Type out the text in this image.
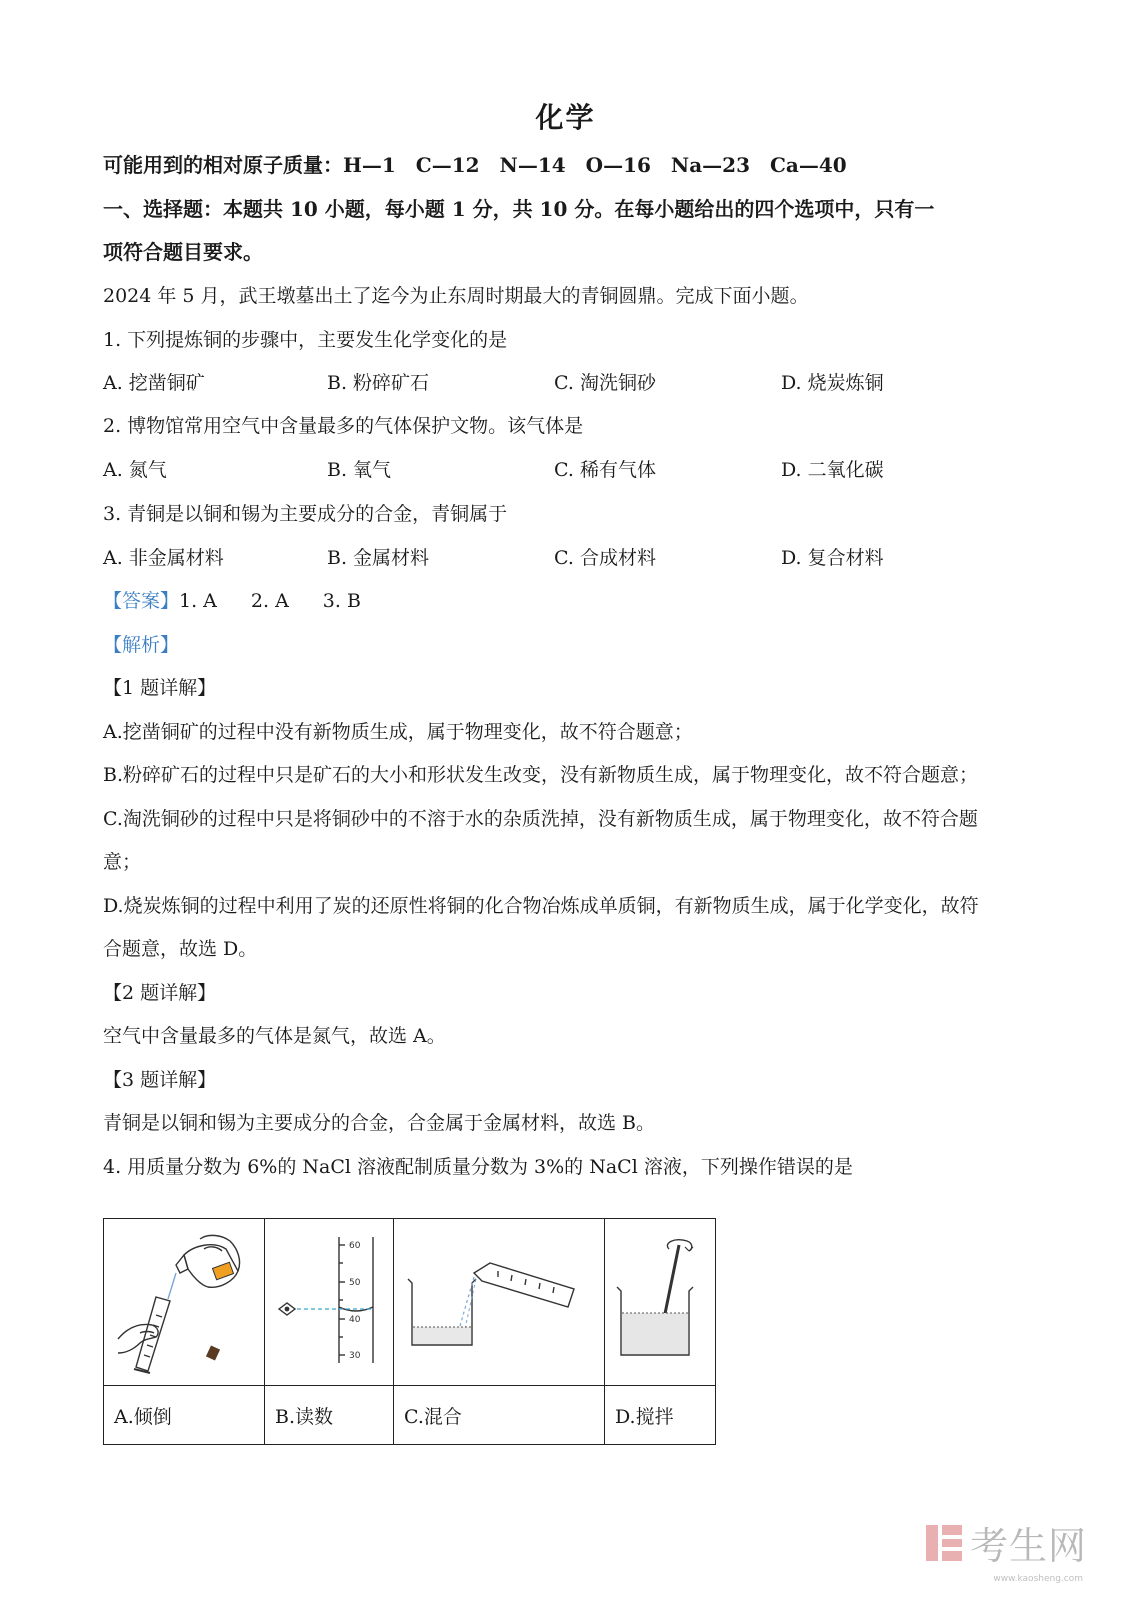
化学
可能用到的相对原子质量：H—1　C—12　N—14　O—16　Na—23　Ca—40
一、选择题：本题共 10 小题，每小题 1 分，共 10 分。在每小题给出的四个选项中，只有一
项符合题目要求。
2024 年 5 月，武王墩墓出土了迄今为止东周时期最大的青铜圆鼎。完成下面小题。
1. 下列提炼铜的步骤中，主要发生化学变化的是
A. 挖凿铜矿	B. 粉碎矿石	C. 淘洗铜砂	D. 烧炭炼铜
2. 博物馆常用空气中含量最多的气体保护文物。该气体是
A. 氮气	B. 氧气	C. 稀有气体	D. 二氧化碳
3. 青铜是以铜和锡为主要成分的合金，青铜属于
A. 非金属材料	B. 金属材料	C. 合成材料	D. 复合材料
【答案】1. A 2. A 3. B
【解析】
【1 题详解】
A.挖凿铜矿的过程中没有新物质生成，属于物理变化，故不符合题意；
B.粉碎矿石的过程中只是矿石的大小和形状发生改变，没有新物质生成，属于物理变化，故不符合题意；
C.淘洗铜砂的过程中只是将铜砂中的不溶于水的杂质洗掉，没有新物质生成，属于物理变化，故不符合题
意；
D.烧炭炼铜的过程中利用了炭的还原性将铜的化合物冶炼成单质铜，有新物质生成，属于化学变化，故符
合题意，故选 D。
【2 题详解】
空气中含量最多的气体是氮气，故选 A。
【3 题详解】
青铜是以铜和锡为主要成分的合金，合金属于金属材料，故选 B。
4. 用质量分数为 6%的 NaCl 溶液配制质量分数为 3%的 NaCl 溶液，下列操作错误的是

60
50
40
30

A.倾倒	B.读数	C.混合	D.搅拌
考生网
www.kaosheng.com
